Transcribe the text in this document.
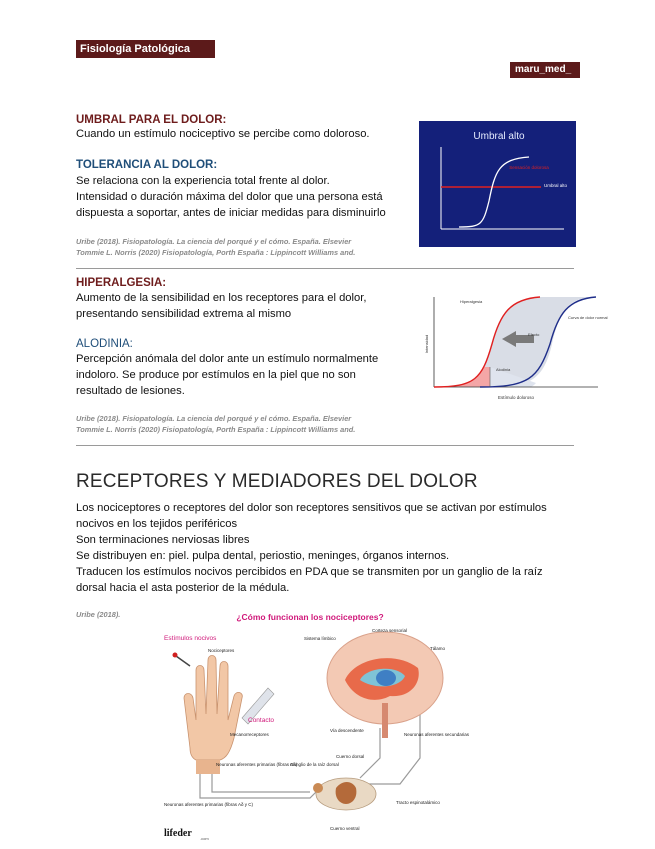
Fisiología Patológica
maru_med_
UMBRAL PARA EL DOLOR:
Cuando un estímulo nociceptivo se percibe como doloroso.
TOLERANCIA AL DOLOR:
Se relaciona con la experiencia total frente al dolor.
Intensidad o duración máxima del dolor que una persona está
dispuesta a soportar, antes de iniciar medidas para disminuirlo
Uribe (2018). Fisiopatología. La ciencia del porqué y el cómo. España. Elsevier
Tommie L. Norris (2020) Fisiopatología, Porth España : Lippincott Williams and.
Umbral alto
Sensación dolorosa
Umbral alto
HIPERALGESIA:
Aumento de la sensibilidad en los receptores para el dolor,
presentando sensibilidad extrema al mismo
ALODINIA:
Percepción anómala del dolor ante un estímulo normalmente
indoloro. Se produce por estímulos en la piel que no son
resultado de lesiones.
Uribe (2018). Fisiopatología. La ciencia del porqué y el cómo. España. Elsevier
Tommie L. Norris (2020) Fisiopatología, Porth España : Lippincott Williams and.
Hiperalgesia
Curva de dolor normal
Efecto
Alodinia
Estímulo doloroso
Intensidad
RECEPTORES Y MEDIADORES DEL DOLOR
Los nociceptores o receptores del dolor son receptores sensitivos que se activan por estímulos
nocivos en los tejidos periféricos
Son terminaciones nerviosas libres
Se distribuyen en: piel. pulpa dental, periostio, meninges, órganos internos.
Traducen los estímulos nocivos percibidos en PDA que se transmiten por un ganglio de la raíz
dorsal hacia el asta posterior de la médula.
Uribe (2018).	¿Cómo funcionan los nociceptores?
Estímulos nocivos
Nociceptores
Contacto
Mecanorreceptores
Neuronas aferentes primarias (fibras Aß)
Neuronas aferentes primarias (fibras Aδ y C)
Corteza sensorial
Sistema límbico
Tálamo
Vía descendente
Neuronas aferentes secundarias
Ganglio de la raíz dorsal
Cuerno dorsal
Tracto espinotalámico
Cuerno ventral
lifeder .com
